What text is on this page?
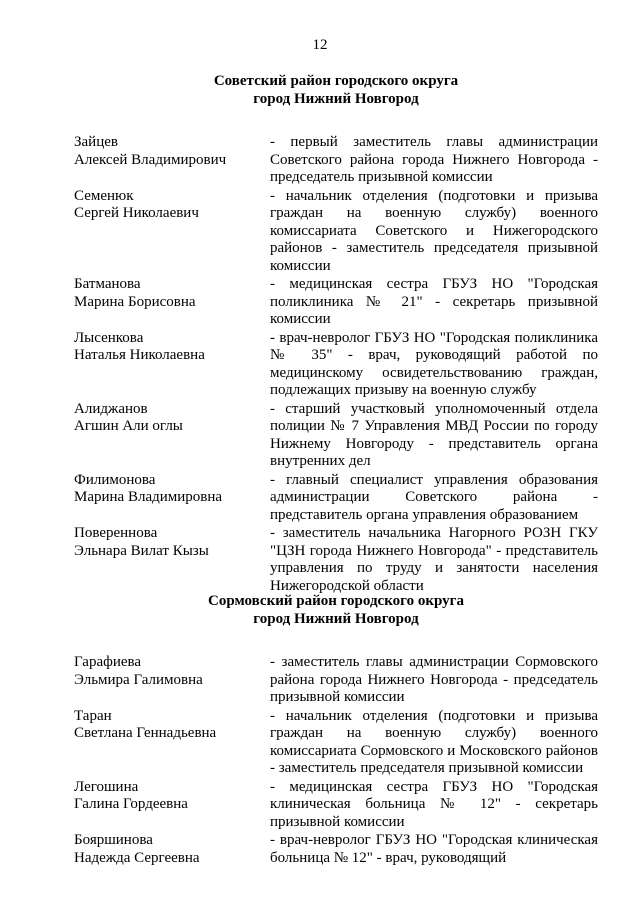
12
Советский район городского округа
город Нижний Новгород
Зайцев
Алексей Владимирович
- первый заместитель главы администрации Советского района города Нижнего Новгорода - председатель призывной комиссии
Семенюк
Сергей Николаевич
- начальник отделения (подготовки и призыва граждан на военную службу) военного комиссариата Советского и Нижегородского районов - заместитель председателя призывной комиссии
Батманова
Марина Борисовна
- медицинская сестра ГБУЗ НО "Городская поликлиника № 21" - секретарь призывной комиссии
Лысенкова
Наталья Николаевна
- врач-невролог ГБУЗ НО "Городская поликлиника № 35" - врач, руководящий работой по медицинскому освидетельствованию граждан, подлежащих призыву на военную службу
Алиджанов
Агшин Али оглы
- старший участковый уполномоченный отдела полиции № 7 Управления МВД России по городу Нижнему Новгороду - представитель органа внутренних дел
Филимонова
Марина Владимировна
- главный специалист управления образования администрации Советского района - представитель органа управления образованием
Повереннова
Эльнара Вилат Кызы
- заместитель начальника Нагорного РОЗН ГКУ "ЦЗН города Нижнего Новгорода" - представитель управления по труду и занятости населения Нижегородской области
Сормовский район городского округа
город Нижний Новгород
Гарафиева
Эльмира Галимовна
- заместитель главы администрации Сормовского района города Нижнего Новгорода - председатель призывной комиссии
Таран
Светлана Геннадьевна
- начальник отделения (подготовки и призыва граждан на военную службу) военного комиссариата Сормовского и Московского районов - заместитель председателя призывной комиссии
Легошина
Галина Гордеевна
- медицинская сестра ГБУЗ НО "Городская клиническая больница № 12" - секретарь призывной комиссии
Бояршинова
Надежда Сергеевна
- врач-невролог ГБУЗ НО "Городская клиническая больница № 12" - врач, руководящий
